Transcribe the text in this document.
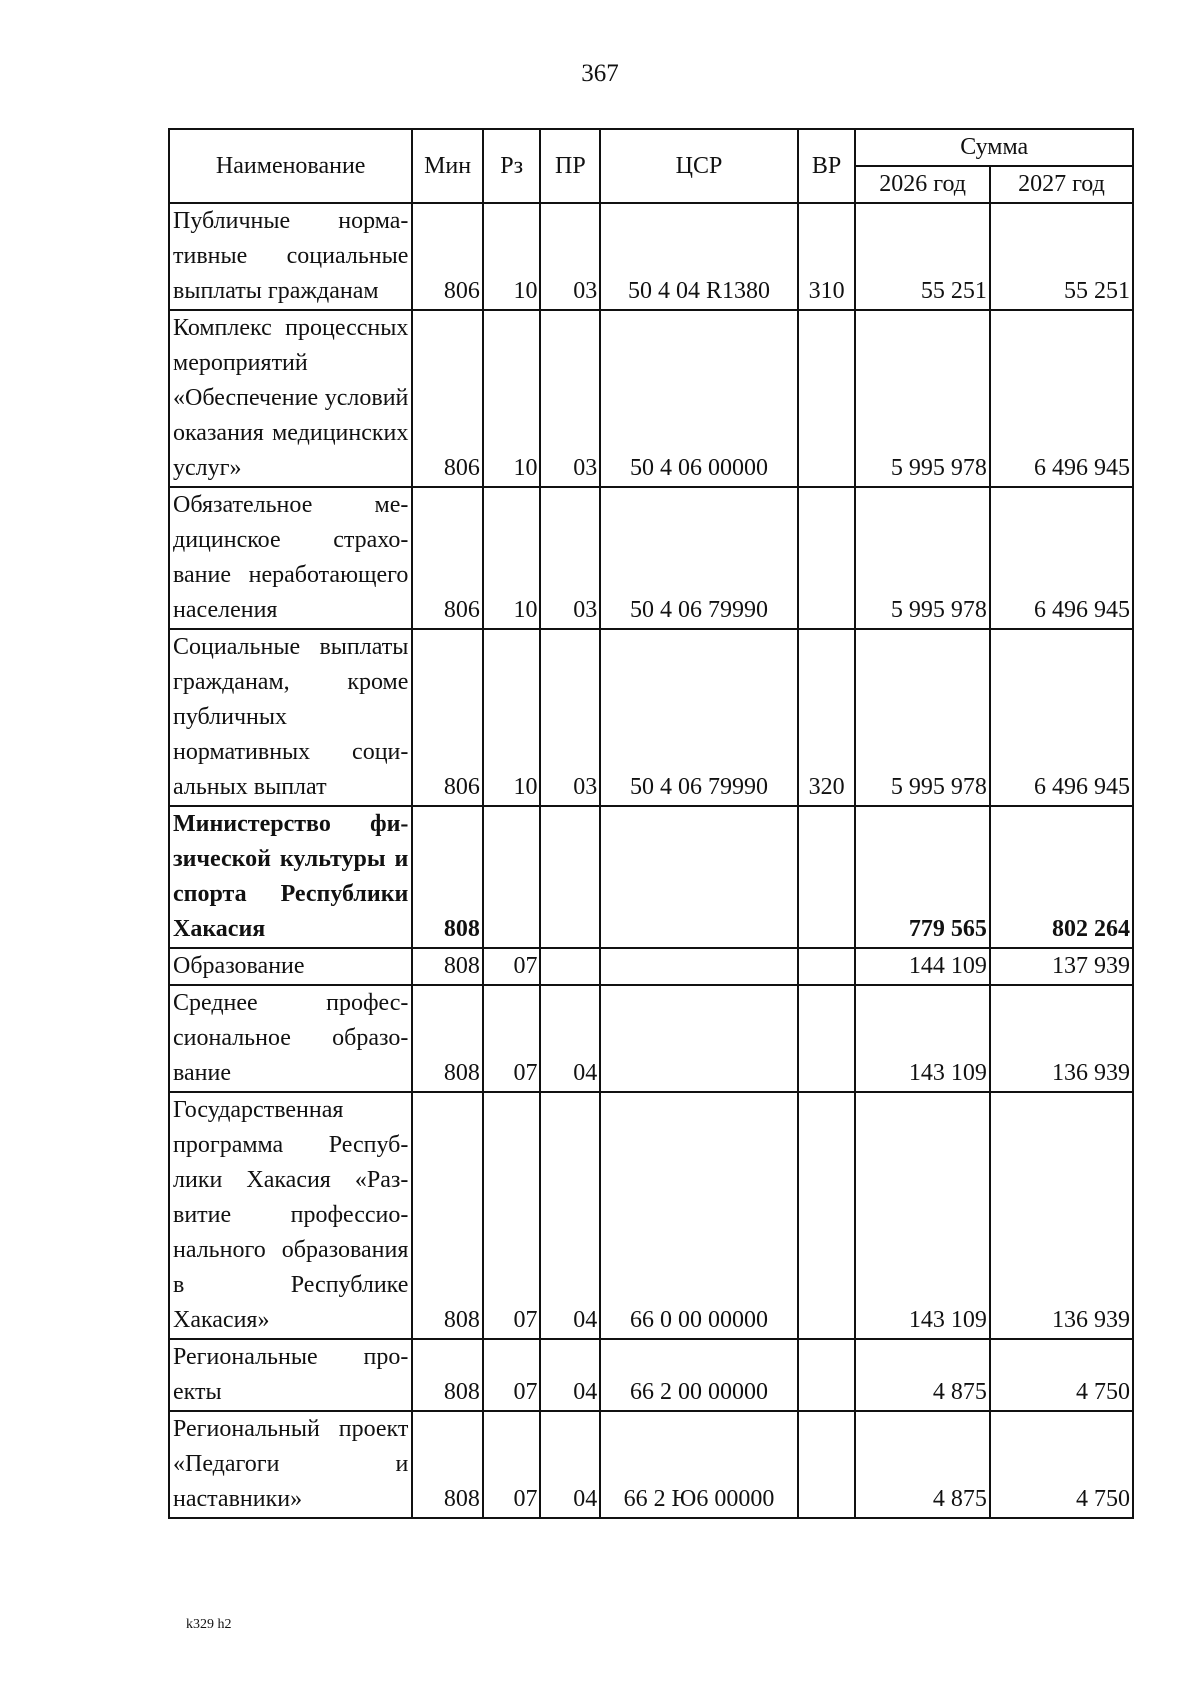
367
Наименование	Мин	Рз	ПР	ЦСР	ВР	Сумма	
						2026 год	2027 год
Публичные нормативные социальные выплаты гражданам	806	10	03	50 4 04 R1380	310	55 251	55 251
Комплекс процессных мероприятий «Обеспечение условий оказания медицинских услуг»	806	10	03	50 4 06 00000		5 995 978	6 496 945
Обязательное медицинское страхование неработающего населения	806	10	03	50 4 06 79990		5 995 978	6 496 945
Социальные выплаты гражданам, кроме публичных нормативных социальных выплат	806	10	03	50 4 06 79990	320	5 995 978	6 496 945
Министерство физической культуры и спорта Республики Хакасия	808					779 565	802 264
Образование	808	07				144 109	137 939
Среднее профессиональное образование	808	07	04			143 109	136 939
Государственная программа Республики Хакасия «Развитие профессионального образования в Республике Хакасия»	808	07	04	66 0 00 00000		143 109	136 939
Региональные проекты	808	07	04	66 2 00 00000		4 875	4 750
Региональный проект «Педагоги и наставники»	808	07	04	66 2 Ю6 00000		4 875	4 750
k329 h2
